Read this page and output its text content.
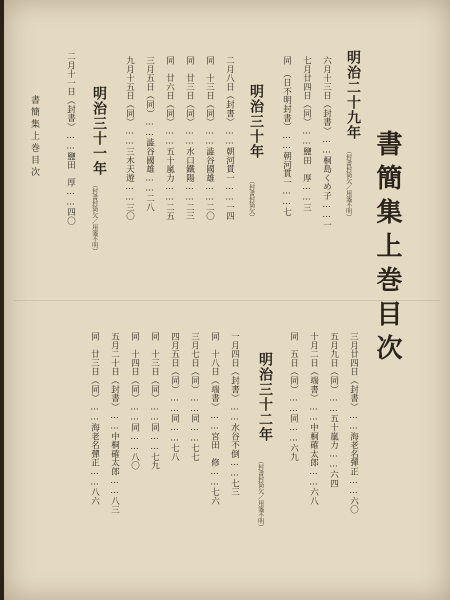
書簡集上巻目次
明治二十九年
（封書封筒欠／用箋不明）
六月十三日（封書）……桐島くめ子……一
七月廿四日（同）……鹽田　厚……三
同　（日不明封書）……朝河貫一……七
明治三十年
（封書封筒欠）
二月八日（封書）……朝河貫一……一四
同　十三日（同）……澁谷國雄……二〇
同　廿三日（同）……水口鐵陽……二三
同　廿六日（同）……五十嵐力……二五
三月五日（同）……澁谷國雄……二八
九月十五日（同）……三木天遊……三〇
明治三十一年
（封書封筒欠／用箋不明）
二月十一日（封書）……鹽田　厚……四〇
書簡集上巻目次
三月廿四日（封書）……海老名彈正……六〇
五月九日（同）……五十嵐力……六四
十月二日（端書）……中桐確太郎……六八
同　五日（同）……同……六九
明治三十二年
（封書封筒欠／用箋不明）
一月四日（封書）……水谷不倒……七三
同　十八日（端書）……宮田　修……七六
三月七日（同）……同……七七
四月五日（同）……同……七八
同　十三日（同）……同……七九
同　十四日（同）……同……八〇
五月二十日（封書）……中桐確太郎……八三
同　廿三日（同）……海老名彈正……八六
